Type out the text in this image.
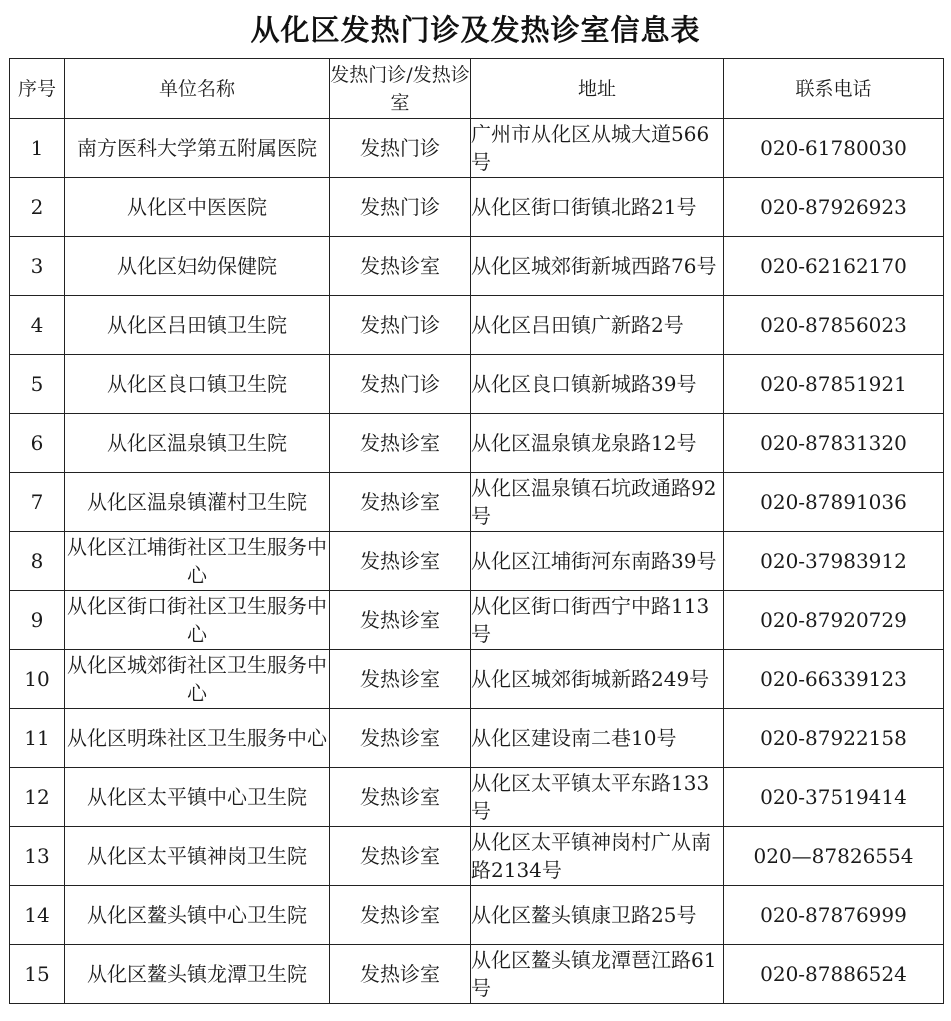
从化区发热门诊及发热诊室信息表
序号	单位名称	发热门诊/发热诊室	地址	联系电话
1	南方医科大学第五附属医院	发热门诊	广州市从化区从城大道566号	020-61780030
2	从化区中医医院	发热门诊	从化区街口街镇北路21号	020-87926923
3	从化区妇幼保健院	发热诊室	从化区城郊街新城西路76号	020-62162170
4	从化区吕田镇卫生院	发热门诊	从化区吕田镇广新路2号	020-87856023
5	从化区良口镇卫生院	发热门诊	从化区良口镇新城路39号	020-87851921
6	从化区温泉镇卫生院	发热诊室	从化区温泉镇龙泉路12号	020-87831320
7	从化区温泉镇灌村卫生院	发热诊室	从化区温泉镇石坑政通路92号	020-87891036
8	从化区江埔街社区卫生服务中心	发热诊室	从化区江埔街河东南路39号	020-37983912
9	从化区街口街社区卫生服务中心	发热诊室	从化区街口街西宁中路113号	020-87920729
10	从化区城郊街社区卫生服务中心	发热诊室	从化区城郊街城新路249号	020-66339123
11	从化区明珠社区卫生服务中心	发热诊室	从化区建设南二巷10号	020-87922158
12	从化区太平镇中心卫生院	发热诊室	从化区太平镇太平东路133号	020-37519414
13	从化区太平镇神岗卫生院	发热诊室	从化区太平镇神岗村广从南路2134号	020—87826554
14	从化区鳌头镇中心卫生院	发热诊室	从化区鳌头镇康卫路25号	020-87876999
15	从化区鳌头镇龙潭卫生院	发热诊室	从化区鳌头镇龙潭琶江路61号	020-87886524
